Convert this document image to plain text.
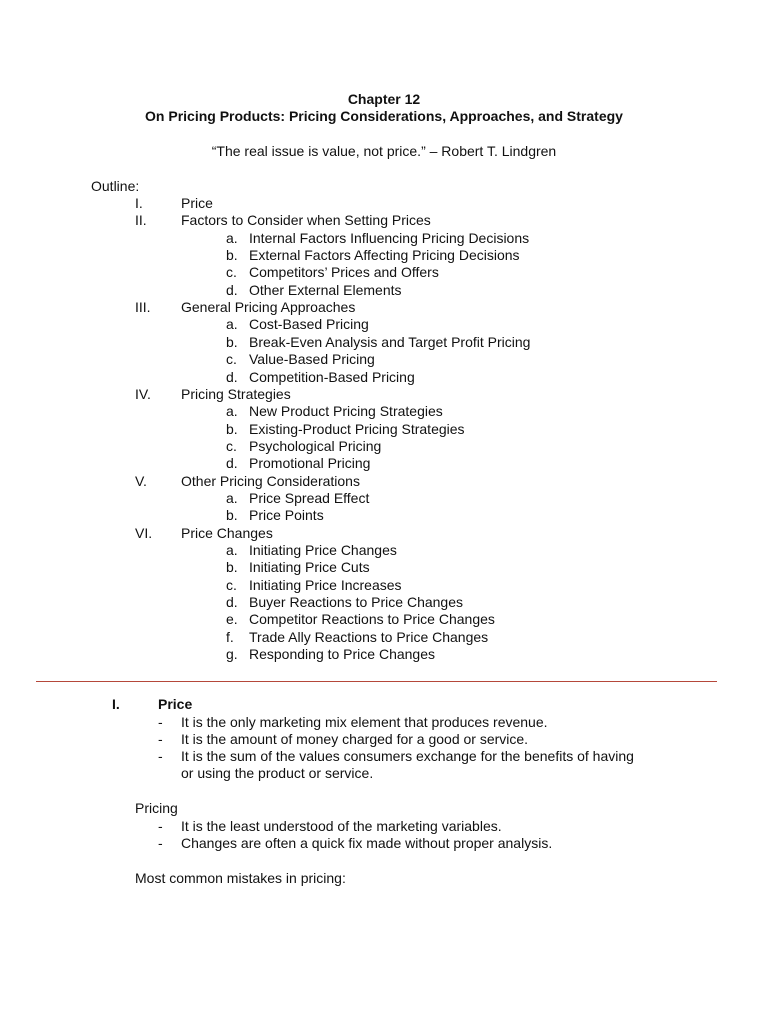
Chapter 12
On Pricing Products: Pricing Considerations, Approaches, and Strategy
“The real issue is value, not price.” – Robert T. Lindgren
Outline:
I.	Price
II. Factors to Consider when Setting Prices
a. Internal Factors Influencing Pricing Decisions
b. External Factors Affecting Pricing Decisions
c. Competitors’ Prices and Offers
d. Other External Elements
III. General Pricing Approaches
a. Cost-Based Pricing
b. Break-Even Analysis and Target Profit Pricing
c. Value-Based Pricing
d. Competition-Based Pricing
IV. Pricing Strategies
a. New Product Pricing Strategies
b. Existing-Product Pricing Strategies
c. Psychological Pricing
d. Promotional Pricing
V. Other Pricing Considerations
a. Price Spread Effect
b. Price Points
VI. Price Changes
a. Initiating Price Changes
b. Initiating Price Cuts
c. Initiating Price Increases
d. Buyer Reactions to Price Changes
e. Competitor Reactions to Price Changes
f. Trade Ally Reactions to Price Changes
g. Responding to Price Changes
I.	Price
- It is the only marketing mix element that produces revenue.
- It is the amount of money charged for a good or service.
- It is the sum of the values consumers exchange for the benefits of having
or using the product or service.
Pricing
- It is the least understood of the marketing variables.
- Changes are often a quick fix made without proper analysis.
Most common mistakes in pricing:
